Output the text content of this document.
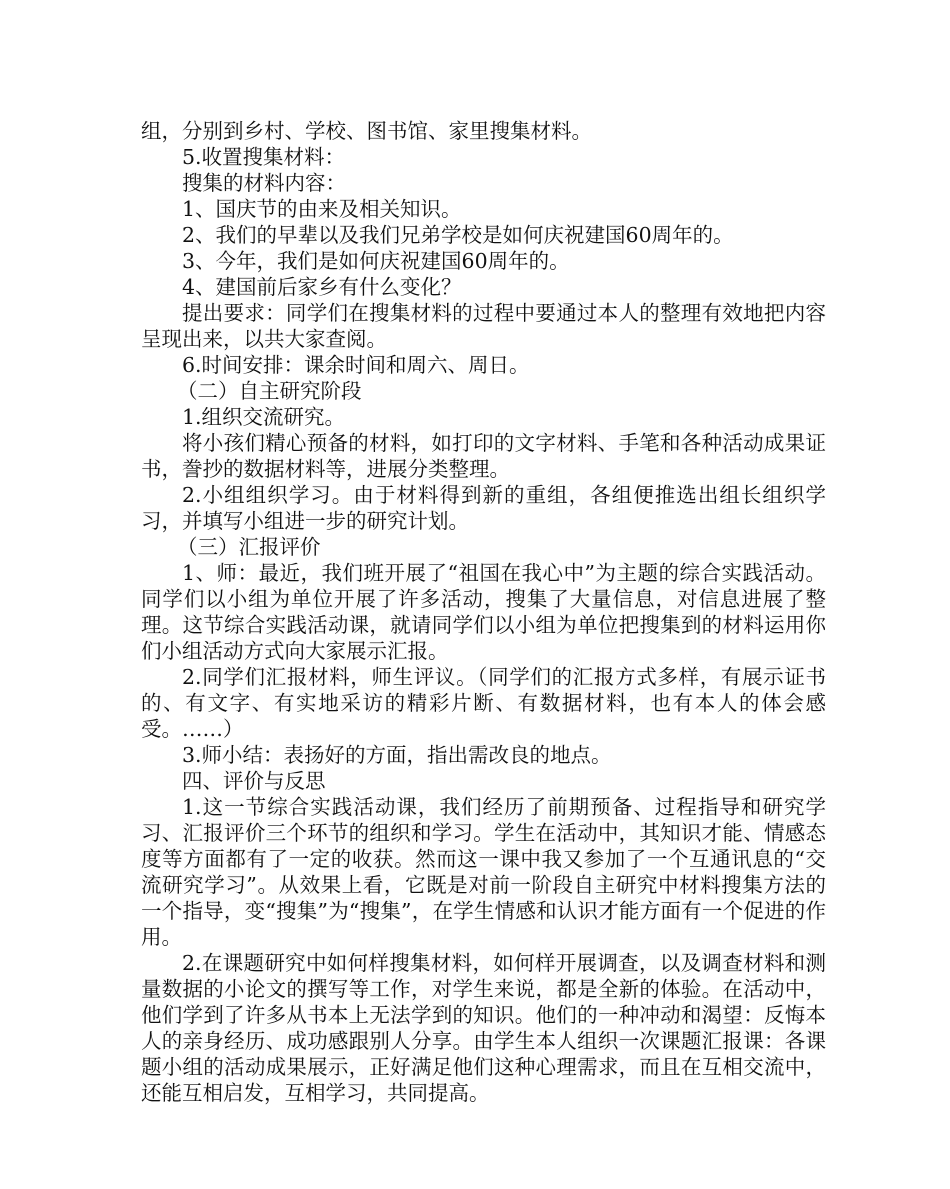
组，分别到乡村、学校、图书馆、家里搜集材料。

5.收置搜集材料：

搜集的材料内容：

1、国庆节的由来及相关知识。

2、我们的早辈以及我们兄弟学校是如何庆祝建国60周年的。

3、今年，我们是如何庆祝建国60周年的。

4、建国前后家乡有什么变化？

提出要求：同学们在搜集材料的过程中要通过本人的整理有效地把内容呈现出来，以共大家查阅。

6.时间安排：课余时间和周六、周日。

（二）自主研究阶段

1.组织交流研究。

将小孩们精心预备的材料，如打印的文字材料、手笔和各种活动成果证书，誊抄的数据材料等，进展分类整理。

2.小组组织学习。由于材料得到新的重组，各组便推选出组长组织学习，并填写小组进一步的研究计划。

（三）汇报评价

1、师：最近，我们班开展了“祖国在我心中”为主题的综合实践活动。同学们以小组为单位开展了许多活动，搜集了大量信息，对信息进展了整理。这节综合实践活动课，就请同学们以小组为单位把搜集到的材料运用你们小组活动方式向大家展示汇报。

2.同学们汇报材料，师生评议。（同学们的汇报方式多样，有展示证书的、有文字、有实地采访的精彩片断、有数据材料，也有本人的体会感受。……）

3.师小结：表扬好的方面，指出需改良的地点。

四、评价与反思

1.这一节综合实践活动课，我们经历了前期预备、过程指导和研究学习、汇报评价三个环节的组织和学习。学生在活动中，其知识才能、情感态度等方面都有了一定的收获。然而这一课中我又参加了一个互通讯息的“交流研究学习”。从效果上看，它既是对前一阶段自主研究中材料搜集方法的一个指导，变“搜集”为“搜集”，在学生情感和认识才能方面有一个促进的作用。

2.在课题研究中如何样搜集材料，如何样开展调查，以及调查材料和测量数据的小论文的撰写等工作，对学生来说，都是全新的体验。在活动中，他们学到了许多从书本上无法学到的知识。他们的一种冲动和渴望：反悔本人的亲身经历、成功感跟别人分享。由学生本人组织一次课题汇报课：各课题小组的活动成果展示，正好满足他们这种心理需求，而且在互相交流中，还能互相启发，互相学习，共同提高。
